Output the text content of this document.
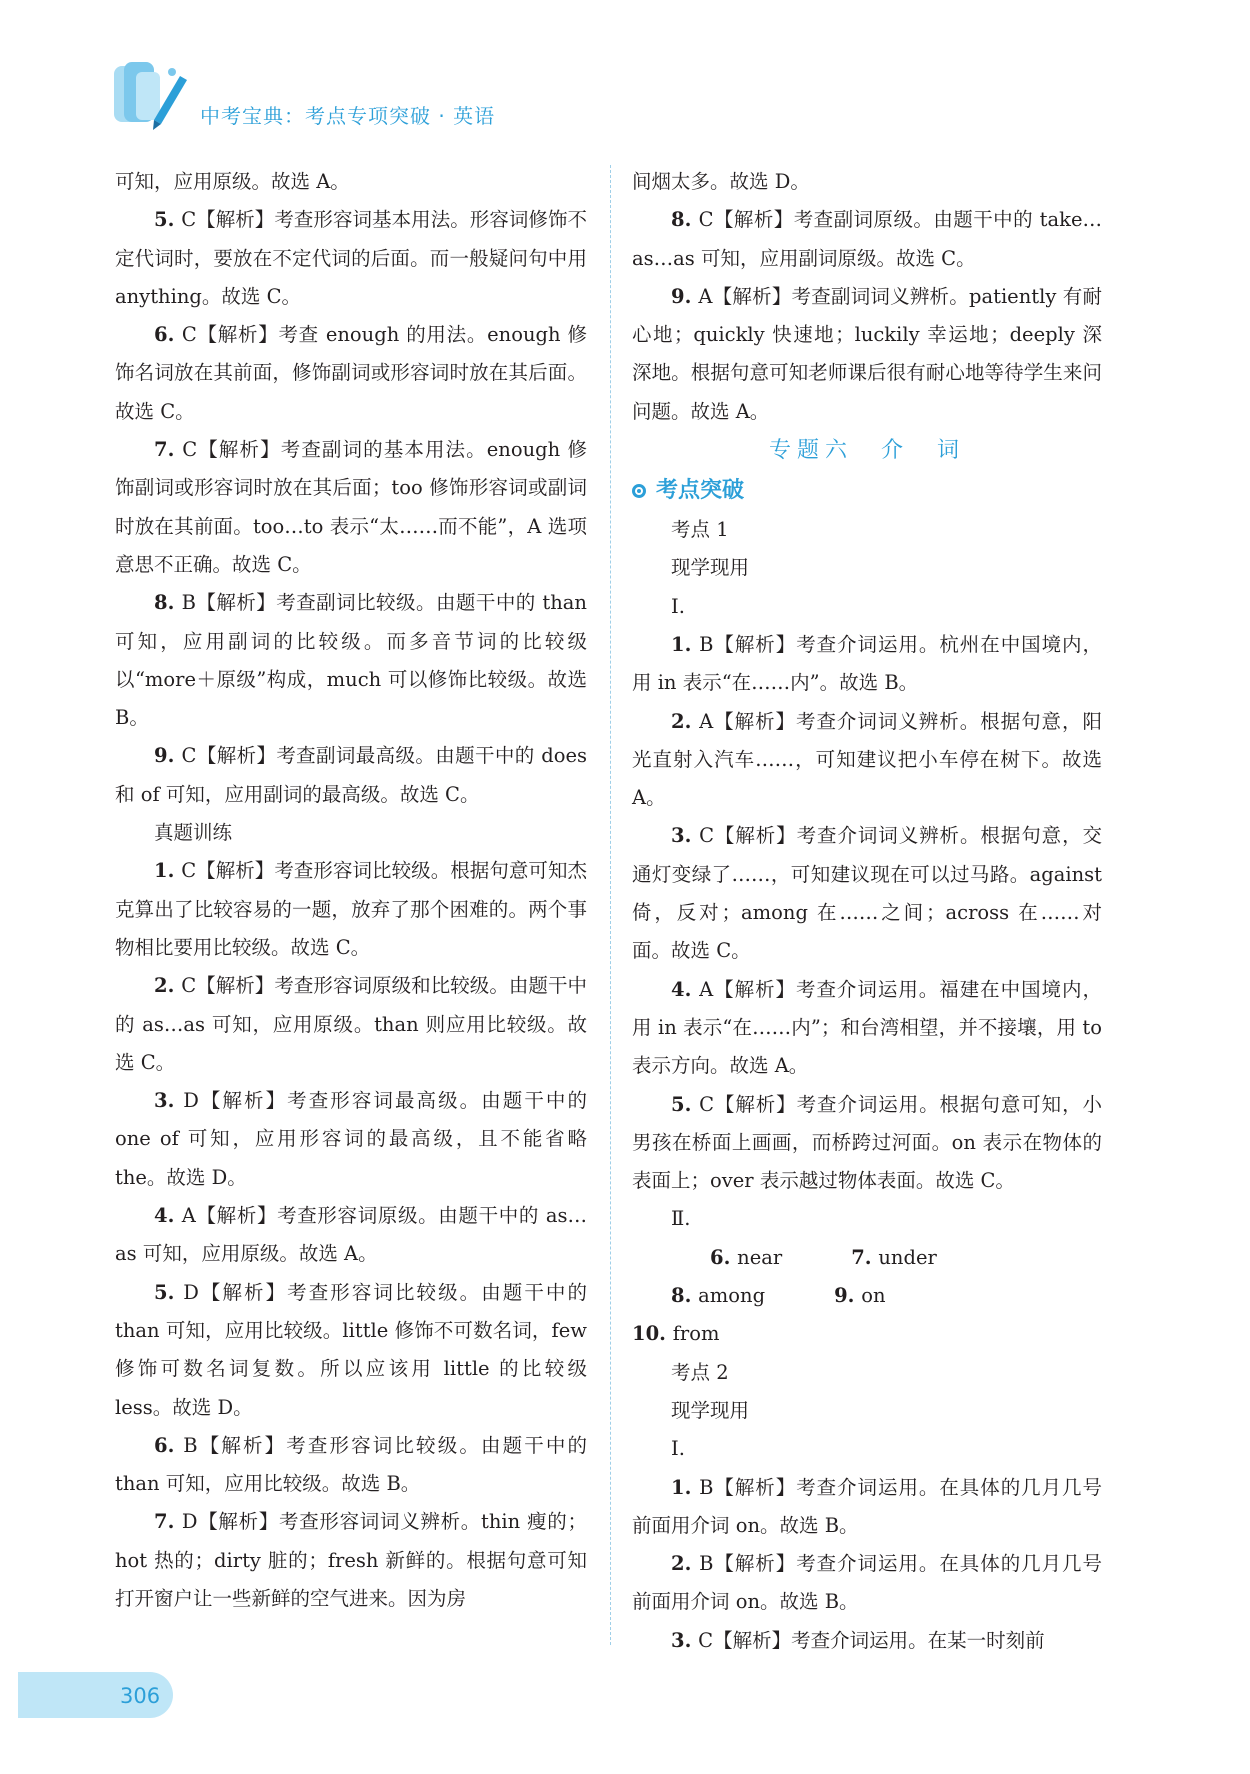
中考宝典：考点专项突破 · 英语

可知，应用原级。故选 A。

5. C【解析】考查形容词基本用法。形容词修饰不定代词时，要放在不定代词的后面。而一般疑问句中用 anything。故选 C。

6. C【解析】考查 enough 的用法。enough 修饰名词放在其前面，修饰副词或形容词时放在其后面。故选 C。

7. C【解析】考查副词的基本用法。enough 修饰副词或形容词时放在其后面；too 修饰形容词或副词时放在其前面。too…to 表示“太……而不能”，A 选项意思不正确。故选 C。

8. B【解析】考查副词比较级。由题干中的 than 可知，应用副词的比较级。而多音节词的比较级以“more＋原级”构成，much 可以修饰比较级。故选 B。

9. C【解析】考查副词最高级。由题干中的 does 和 of 可知，应用副词的最高级。故选 C。

真题训练

1. C【解析】考查形容词比较级。根据句意可知杰克算出了比较容易的一题，放弃了那个困难的。两个事物相比要用比较级。故选 C。

2. C【解析】考查形容词原级和比较级。由题干中的 as…as 可知，应用原级。than 则应用比较级。故选 C。

3. D【解析】考查形容词最高级。由题干中的 one of 可知，应用形容词的最高级，且不能省略 the。故选 D。

4. A【解析】考查形容词原级。由题干中的 as…as 可知，应用原级。故选 A。

5. D【解析】考查形容词比较级。由题干中的 than 可知，应用比较级。little 修饰不可数名词，few 修饰可数名词复数。所以应该用 little 的比较级 less。故选 D。

6. B【解析】考查形容词比较级。由题干中的 than 可知，应用比较级。故选 B。

7. D【解析】考查形容词词义辨析。thin 瘦的；hot 热的；dirty 脏的；fresh 新鲜的。根据句意可知打开窗户让一些新鲜的空气进来。因为房

间烟太多。故选 D。

8. C【解析】考查副词原级。由题干中的 take…as…as 可知，应用副词原级。故选 C。

9. A【解析】考查副词词义辨析。patiently 有耐心地；quickly 快速地；luckily 幸运地；deeply 深深地。根据句意可知老师课后很有耐心地等待学生来问问题。故选 A。

专题六　介　词
考点突破

考点 1

现学现用

Ⅰ.

1. B【解析】考查介词运用。杭州在中国境内，用 in 表示“在……内”。故选 B。

2. A【解析】考查介词词义辨析。根据句意，阳光直射入汽车……，可知建议把小车停在树下。故选 A。

3. C【解析】考查介词词义辨析。根据句意，交通灯变绿了……，可知建议现在可以过马路。against 倚，反对；among 在……之间；across 在……对面。故选 C。

4. A【解析】考查介词运用。福建在中国境内，用 in 表示“在……内”；和台湾相望，并不接壤，用 to 表示方向。故选 A。

5. C【解析】考查介词运用。根据句意可知，小男孩在桥面上画画，而桥跨过河面。on 表示在物体的表面上；over 表示越过物体表面。故选 C。

Ⅱ.

6. near	7. under8. among	9. on

10. from

考点 2

现学现用

Ⅰ.

1. B【解析】考查介词运用。在具体的几月几号前面用介词 on。故选 B。

2. B【解析】考查介词运用。在具体的几月几号前面用介词 on。故选 B。

3. C【解析】考查介词运用。在某一时刻前

306
